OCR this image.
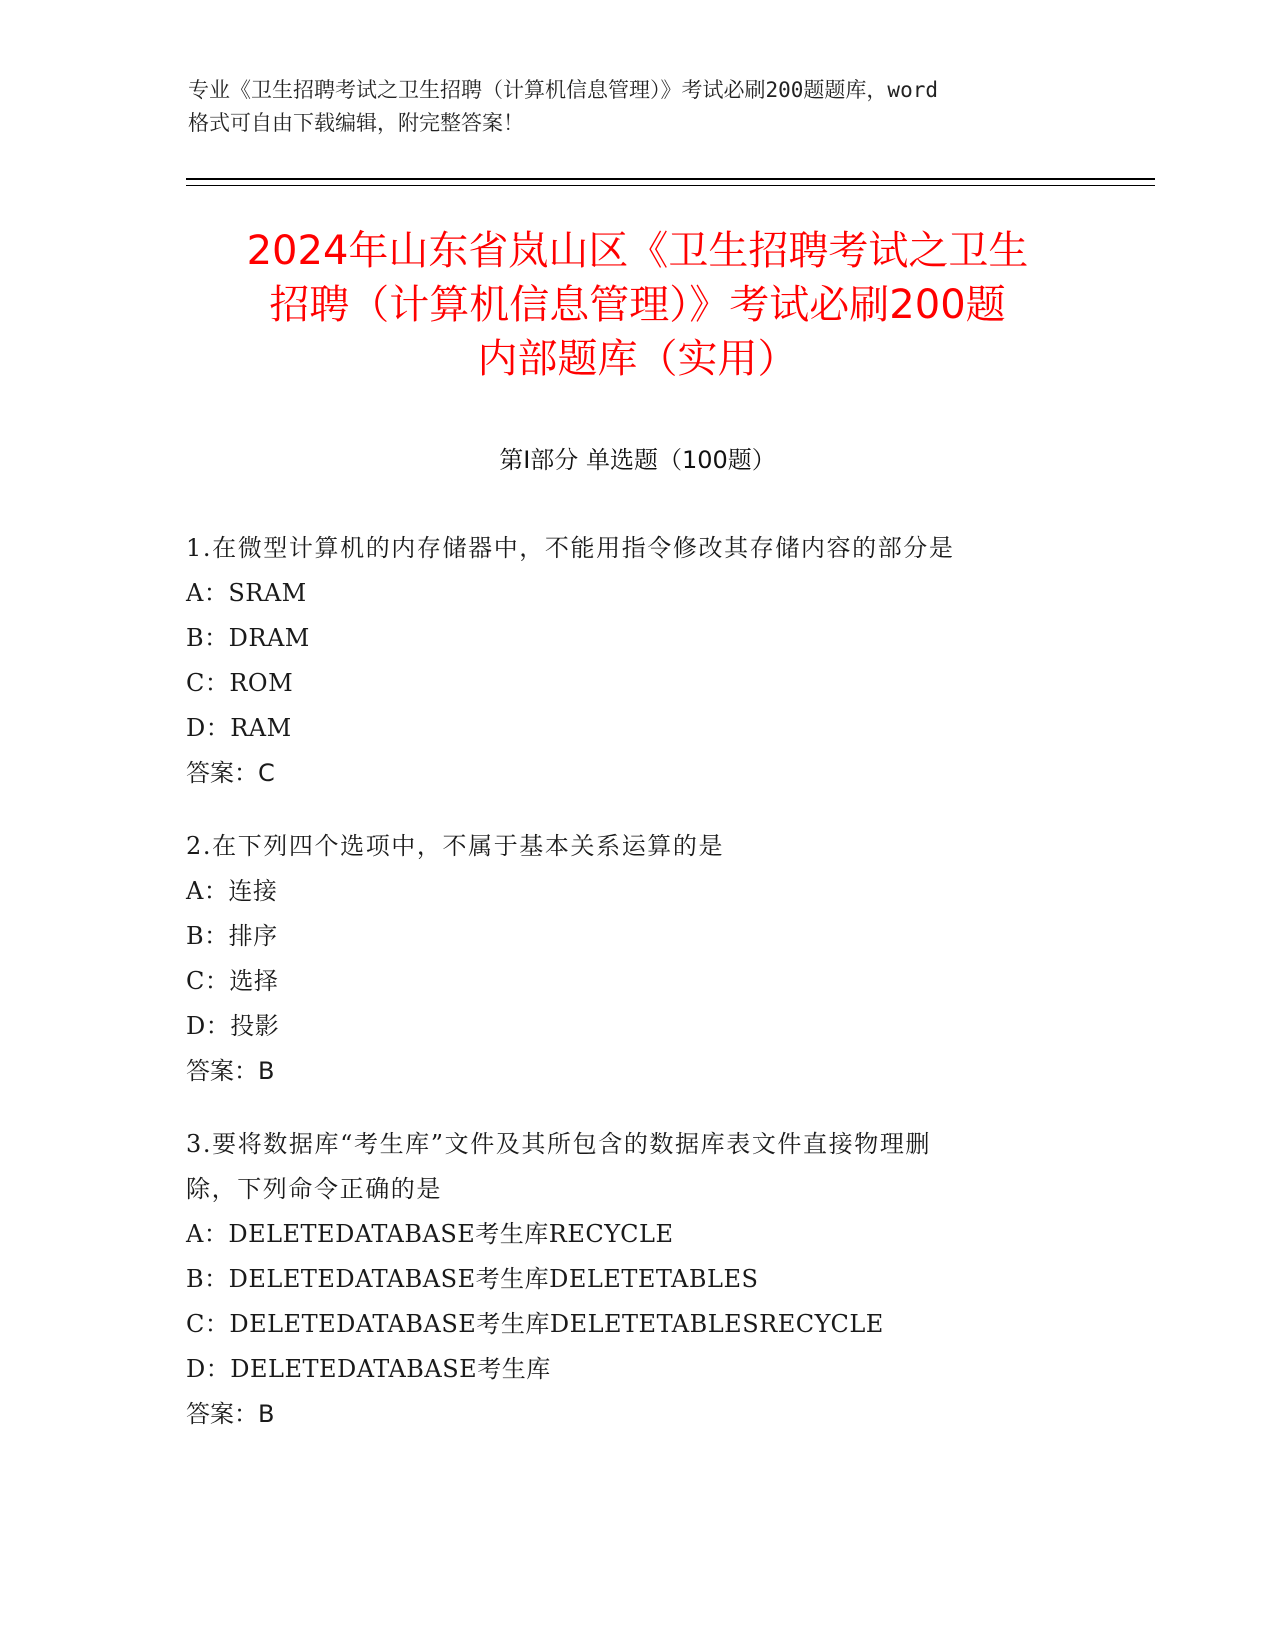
专业《卫生招聘考试之卫生招聘（计算机信息管理）》考试必刷200题题库，word
格式可自由下载编辑，附完整答案！
2024年山东省岚山区《卫生招聘考试之卫生
招聘（计算机信息管理）》考试必刷200题
内部题库（实用）
第Ⅰ部分 单选题（100题）
1.在微型计算机的内存储器中，不能用指令修改其存储内容的部分是
A：SRAM
B：DRAM
C：ROM
D：RAM
答案：C
2.在下列四个选项中，不属于基本关系运算的是
A：连接
B：排序
C：选择
D：投影
答案：B
3.要将数据库“考生库”文件及其所包含的数据库表文件直接物理删
除，下列命令正确的是
A：DELETEDATABASE考生库RECYCLE
B：DELETEDATABASE考生库DELETETABLES
C：DELETEDATABASE考生库DELETETABLESRECYCLE
D：DELETEDATABASE考生库
答案：B
